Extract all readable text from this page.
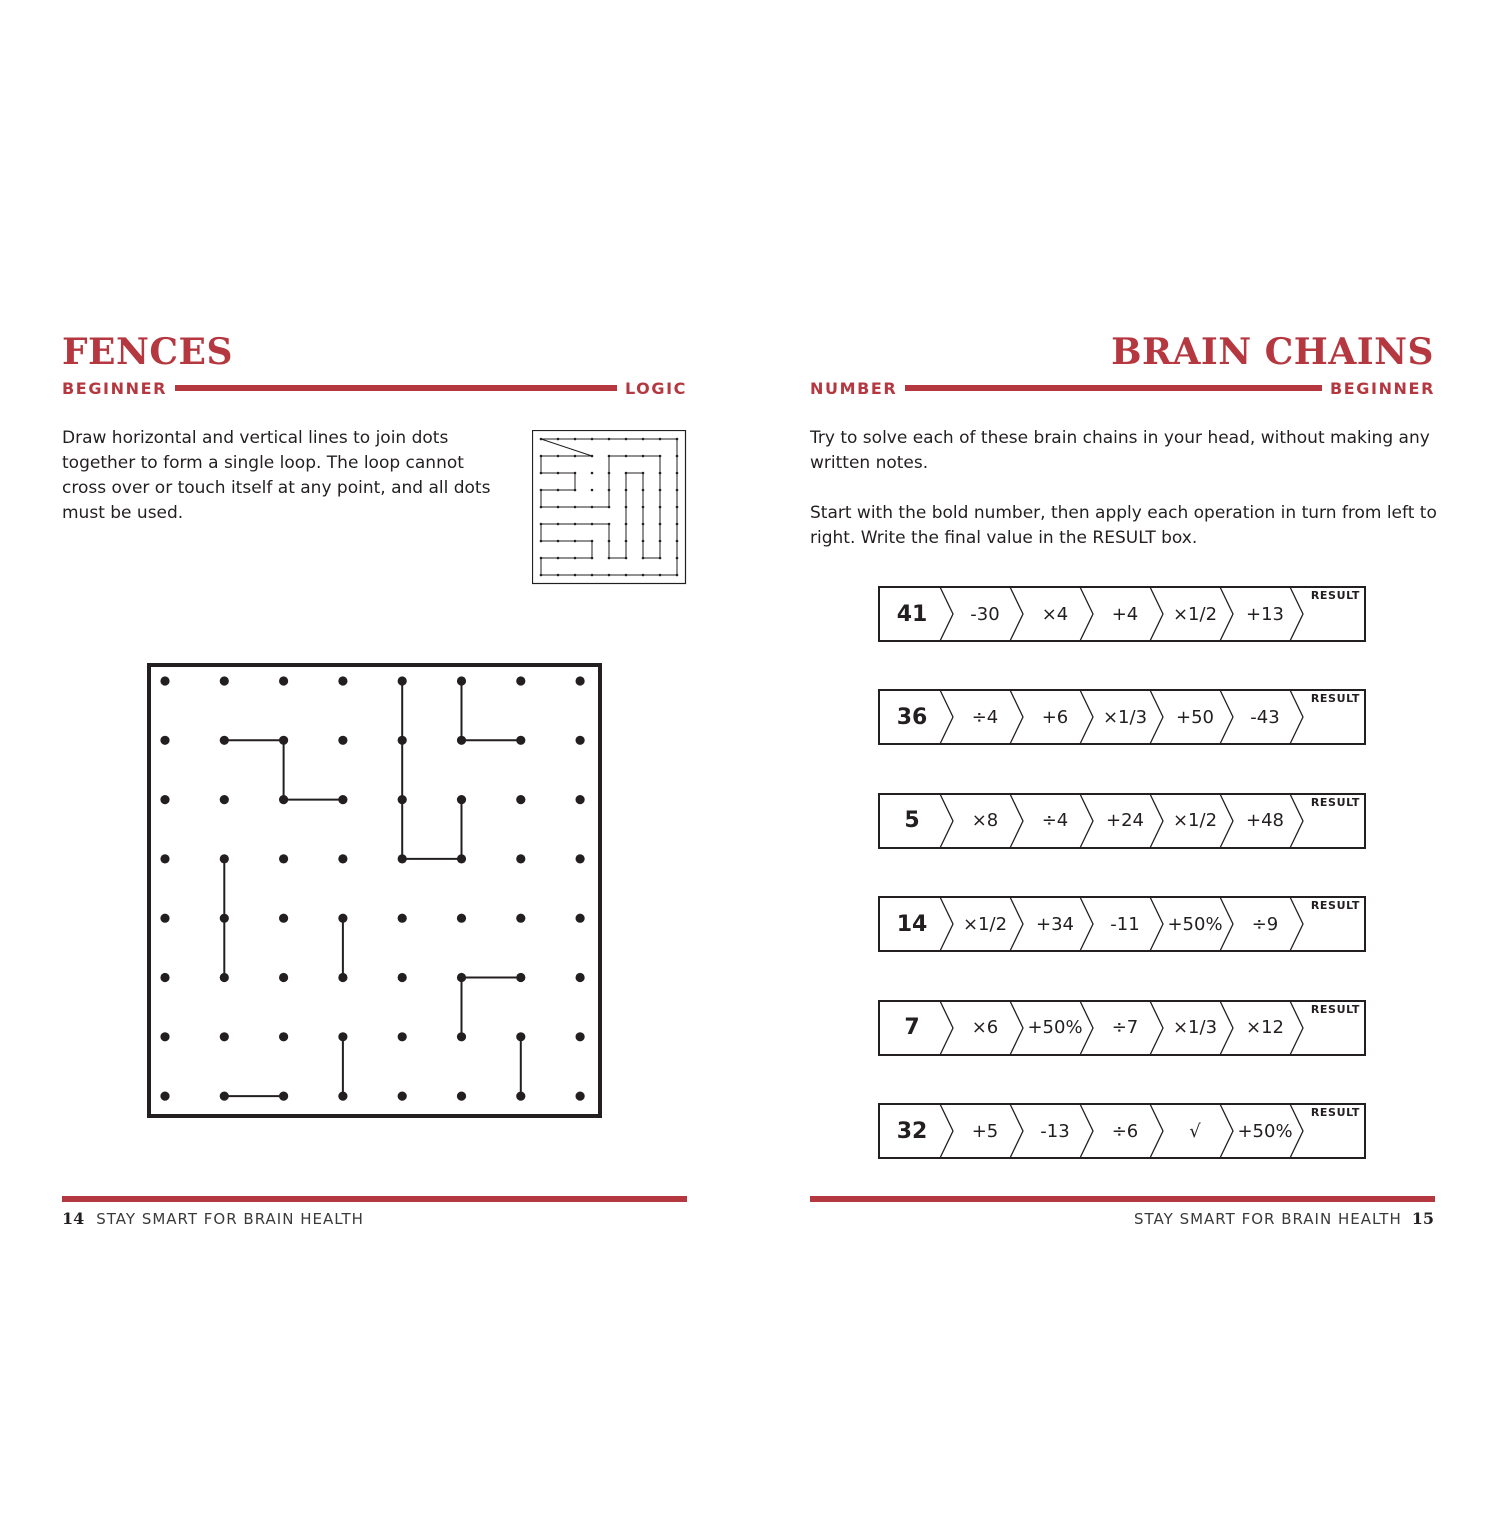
FENCES
BEGINNER	LOGIC

Draw horizontal and vertical lines to join dots together to form a single loop. The loop cannot cross over or touch itself at any point, and all dots must be used.

14 STAY SMART FOR BRAIN HEALTH
BRAIN CHAINS
NUMBER	BEGINNER

Try to solve each of these brain chains in your head, without making any written notes.

Start with the bold number, then apply each operation in turn from left to right. Write the final value in the RESULT box.

41	-30	×4	+4	×1/2	+13
RESULT
36	÷4	+6	×1/3	+50	-43
RESULT
5	×8	÷4	+24	×1/2	+48
RESULT
14	×1/2	+34	-11	+50%	÷9
RESULT
7	×6	+50%	÷7	×1/3	×12
RESULT
32	+5	-13	÷6	√	+50%
RESULT
STAY SMART FOR BRAIN HEALTH 15
